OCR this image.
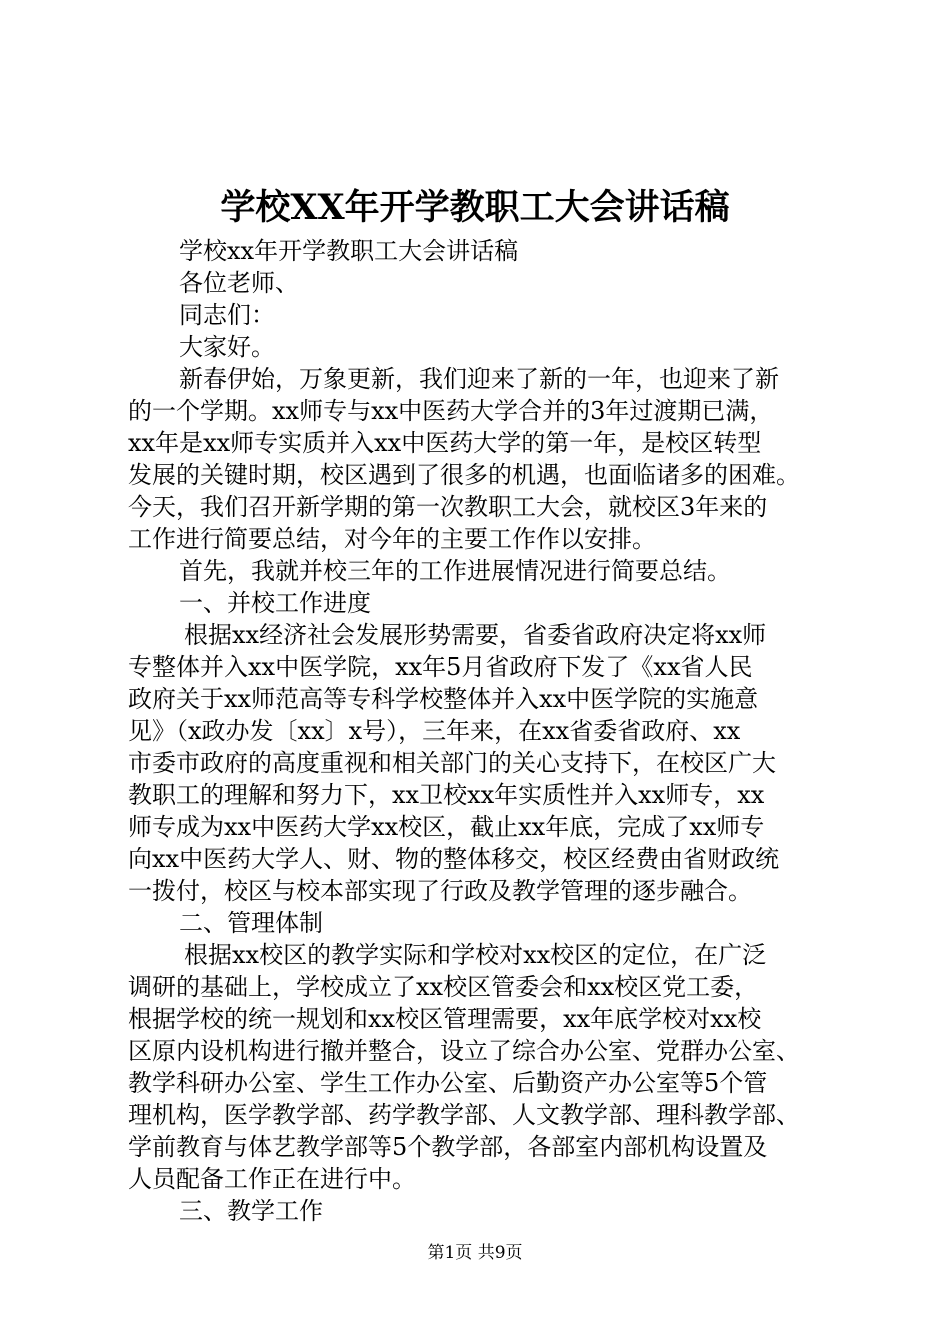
学校XX年开学教职工大会讲话稿
学校xx年开学教职工大会讲话稿
各位老师、
同志们：
大家好。
新春伊始，万象更新，我们迎来了新的一年，也迎来了新
的一个学期。xx师专与xx中医药大学合并的3年过渡期已满，
xx年是xx师专实质并入xx中医药大学的第一年，是校区转型
发展的关键时期，校区遇到了很多的机遇，也面临诸多的困难。
今天，我们召开新学期的第一次教职工大会，就校区3年来的
工作进行简要总结，对今年的主要工作作以安排。
首先，我就并校三年的工作进展情况进行简要总结。
一、并校工作进度
根据xx经济社会发展形势需要，省委省政府决定将xx师
专整体并入xx中医学院，xx年5月省政府下发了《xx省人民
政府关于xx师范高等专科学校整体并入xx中医学院的实施意
见》（x政办发〔xx〕x号），三年来，在xx省委省政府、xx
市委市政府的高度重视和相关部门的关心支持下，在校区广大
教职工的理解和努力下，xx卫校xx年实质性并入xx师专，xx
师专成为xx中医药大学xx校区，截止xx年底，完成了xx师专
向xx中医药大学人、财、物的整体移交，校区经费由省财政统
一拨付，校区与校本部实现了行政及教学管理的逐步融合。
二、管理体制
根据xx校区的教学实际和学校对xx校区的定位，在广泛
调研的基础上，学校成立了xx校区管委会和xx校区党工委，
根据学校的统一规划和xx校区管理需要，xx年底学校对xx校
区原内设机构进行撤并整合，设立了综合办公室、党群办公室、
教学科研办公室、学生工作办公室、后勤资产办公室等5个管
理机构，医学教学部、药学教学部、人文教学部、理科教学部、
学前教育与体艺教学部等5个教学部，各部室内部机构设置及
人员配备工作正在进行中。
三、教学工作
第1页 共9页
